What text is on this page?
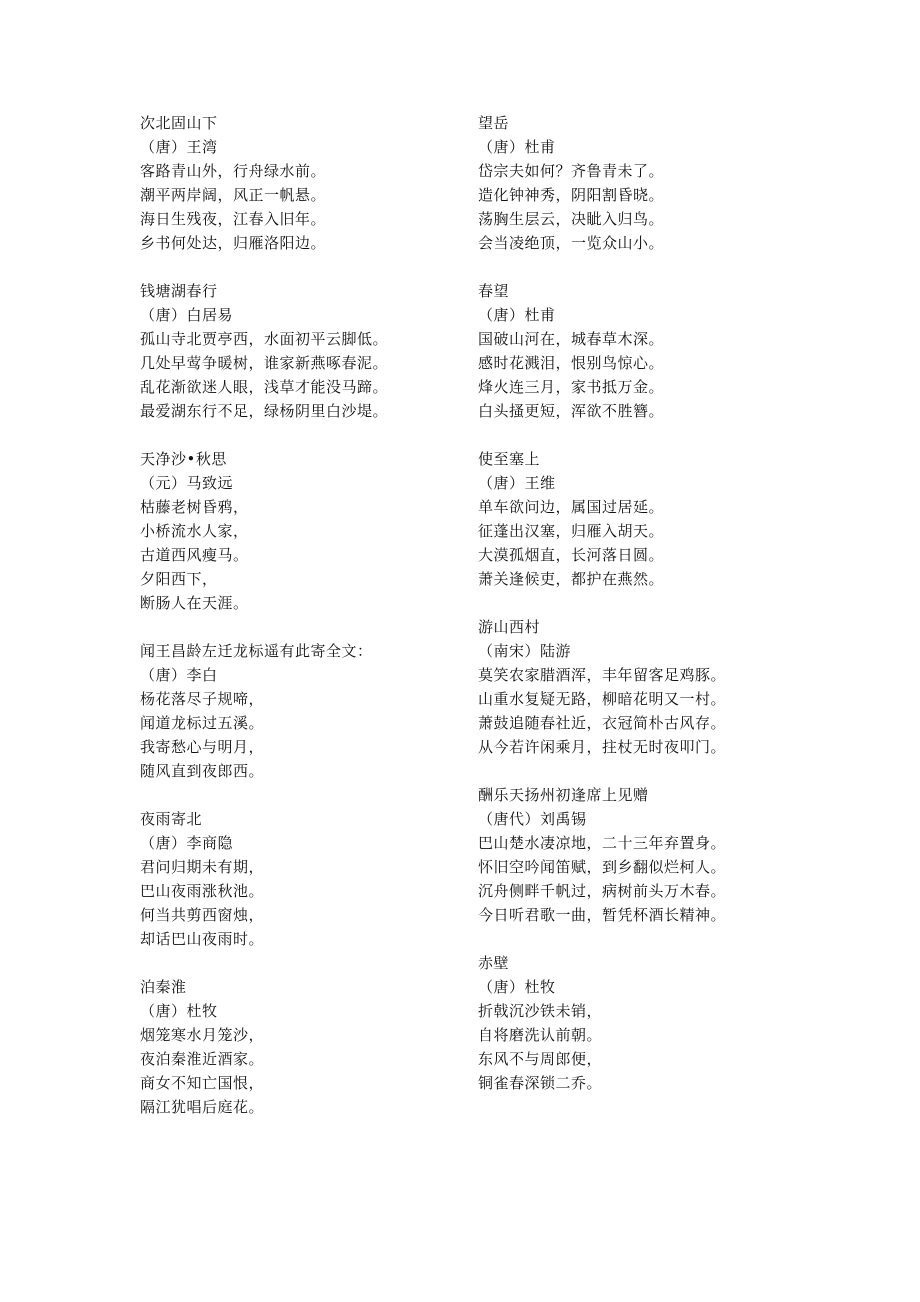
次北固山下
（唐）王湾
客路青山外，行舟绿水前。
潮平两岸阔，风正一帆悬。
海日生残夜，江春入旧年。
乡书何处达，归雁洛阳边。
钱塘湖春行
（唐）白居易
孤山寺北贾亭西，水面初平云脚低。
几处早莺争暖树，谁家新燕啄春泥。
乱花渐欲迷人眼，浅草才能没马蹄。
最爱湖东行不足，绿杨阴里白沙堤。
天净沙•秋思
（元）马致远
枯藤老树昏鸦，
小桥流水人家，
古道西风瘦马。
夕阳西下，
断肠人在天涯。
闻王昌龄左迁龙标遥有此寄全文：
（唐）李白
杨花落尽子规啼，
闻道龙标过五溪。
我寄愁心与明月，
随风直到夜郎西。
夜雨寄北
（唐）李商隐
君问归期未有期，
巴山夜雨涨秋池。
何当共剪西窗烛，
却话巴山夜雨时。
泊秦淮
（唐）杜牧
烟笼寒水月笼沙，
夜泊秦淮近酒家。
商女不知亡国恨，
隔江犹唱后庭花。
望岳
（唐）杜甫
岱宗夫如何？齐鲁青未了。
造化钟神秀，阴阳割昏晓。
荡胸生层云，决眦入归鸟。
会当凌绝顶，一览众山小。
春望
（唐）杜甫
国破山河在，城春草木深。
感时花溅泪，恨别鸟惊心。
烽火连三月，家书抵万金。
白头搔更短，浑欲不胜簪。
使至塞上
（唐）王维
单车欲问边，属国过居延。
征蓬出汉塞，归雁入胡天。
大漠孤烟直，长河落日圆。
萧关逢候吏，都护在燕然。
游山西村
（南宋）陆游
莫笑农家腊酒浑，丰年留客足鸡豚。
山重水复疑无路，柳暗花明又一村。
萧鼓追随春社近，衣冠简朴古风存。
从今若许闲乘月，拄杖无时夜叩门。
酬乐天扬州初逢席上见赠
（唐代）刘禹锡
巴山楚水凄凉地，二十三年弃置身。
怀旧空吟闻笛赋，到乡翻似烂柯人。
沉舟侧畔千帆过，病树前头万木春。
今日听君歌一曲，暂凭杯酒长精神。
赤壁
（唐）杜牧
折戟沉沙铁未销，
自将磨洗认前朝。
东风不与周郎便，
铜雀春深锁二乔。
